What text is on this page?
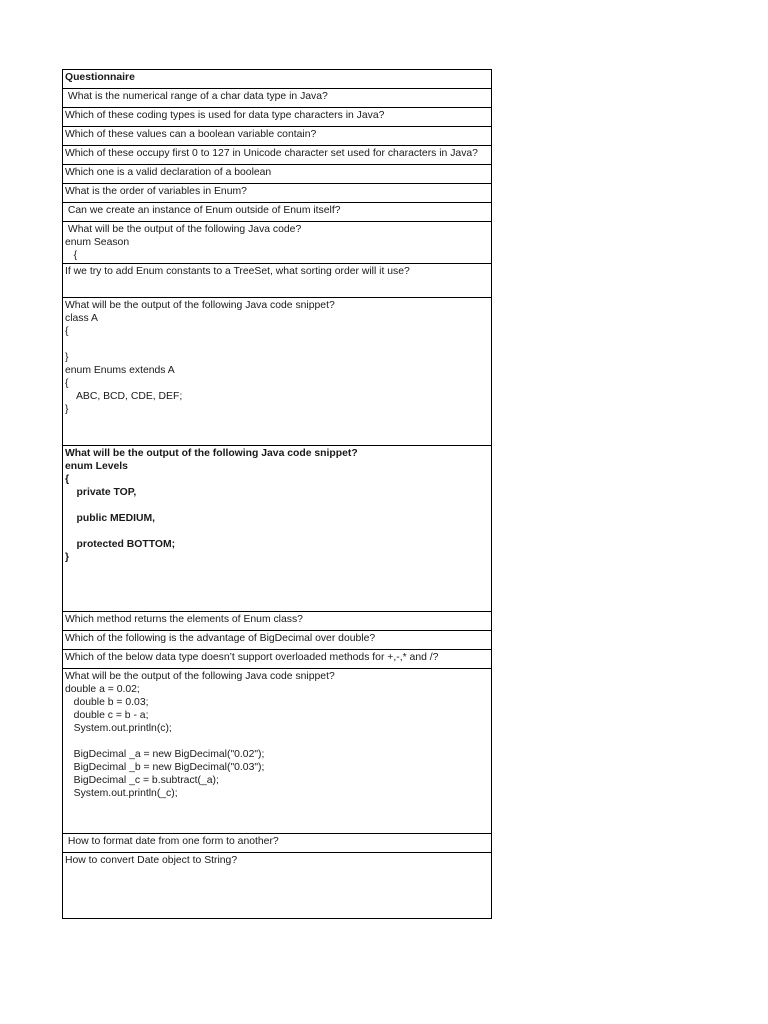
Questionnaire
What is the numerical range of a char data type in Java?
Which of these coding types is used for data type characters in Java?
Which of these values can a boolean variable contain?
Which of these occupy first 0 to 127 in Unicode character set used for characters in Java?
Which one is a valid declaration of a boolean
What is the order of variables in Enum?
Can we create an instance of Enum outside of Enum itself?
What will be the output of the following Java code?
enum Season
{
If we try to add Enum constants to a TreeSet, what sorting order will it use?
What will be the output of the following Java code snippet?
class A
{

}
enum Enums extends A
{
ABC, BCD, CDE, DEF;
}
What will be the output of the following Java code snippet?
enum Levels
{
private TOP,

public MEDIUM,

protected BOTTOM;
}
Which method returns the elements of Enum class?
Which of the following is the advantage of BigDecimal over double?
Which of the below data type doesn’t support overloaded methods for +,-,* and /?
What will be the output of the following Java code snippet?
double a = 0.02;
double b = 0.03;
double c = b - a;
System.out.println(c);

BigDecimal _a = new BigDecimal("0.02");
BigDecimal _b = new BigDecimal("0.03");
BigDecimal _c = b.subtract(_a);
System.out.println(_c);
How to format date from one form to another?
How to convert Date object to String?
